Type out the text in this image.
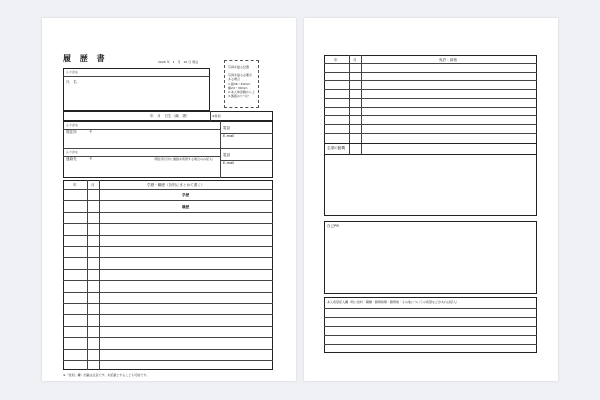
履 歴 書	2026 年　1　月　10 日 現在
ふりがな
氏　名
写真を貼る位置
写真を貼る必要が
ある場合
1.縦36～40mm
横24～30mm
2.本人単身胸から上
3.裏面のりづけ
年　月　日生（満　歳）	※性別
ふりがな
現住所	〒
電話
E-mail
ふりがな
連絡先	〒	（現住所以外に連絡を希望する場合のみ記入）
電話
E-mail
年	月	学歴・職歴（各別にまとめて書く）
学歴
職歴
※「性別」欄：記載は任意です。未記載とすることも可能です。
年	月	免許・資格
志望の動機
自己PR
本人希望記入欄（特に給料・職種・勤務時間・勤務地・その他についての希望などがあれば記入）
